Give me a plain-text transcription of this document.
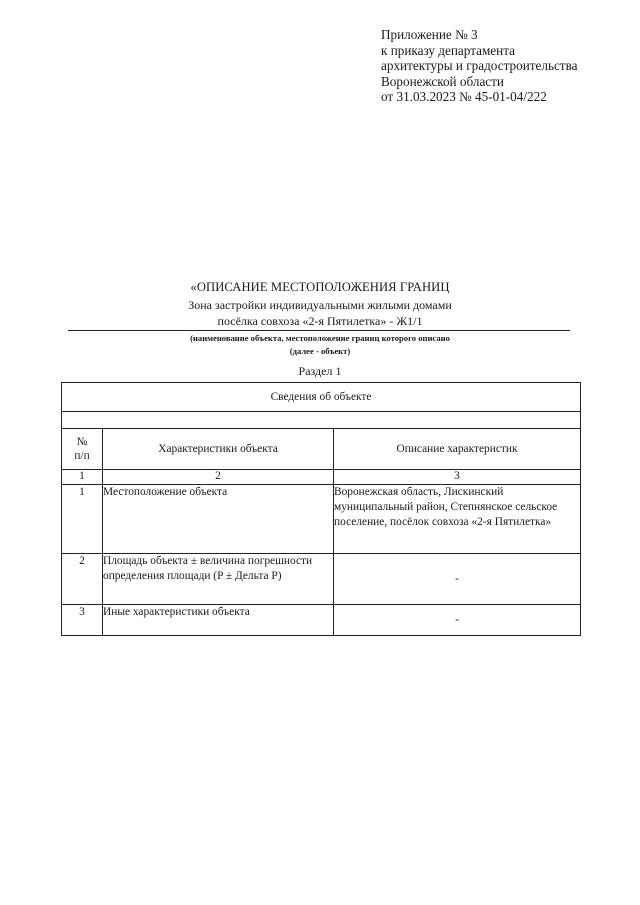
Приложение № 3
к приказу департамента
архитектуры и градостроительства
Воронежской области
от 31.03.2023 № 45-01-04/222
«ОПИСАНИЕ МЕСТОПОЛОЖЕНИЯ ГРАНИЦ
Зона застройки индивидуальными жилыми домами
посёлка совхоза «2-я Пятилетка» - Ж1/1
(наименование объекта, местоположение границ которого описано
(далее - объект)
Раздел 1
Сведения об объекте		

№
п/п	Характеристики объекта	Описание характеристик
1	2	3
1	Местоположение объекта	Воронежская область, Лискинский муниципальный район, Степнянское сельское поселение, посёлок совхоза «2-я Пятилетка»
2	Площадь объекта ± величина погрешности определения площади (P ± Дельта P)	-
3	Иные характеристики объекта	-
